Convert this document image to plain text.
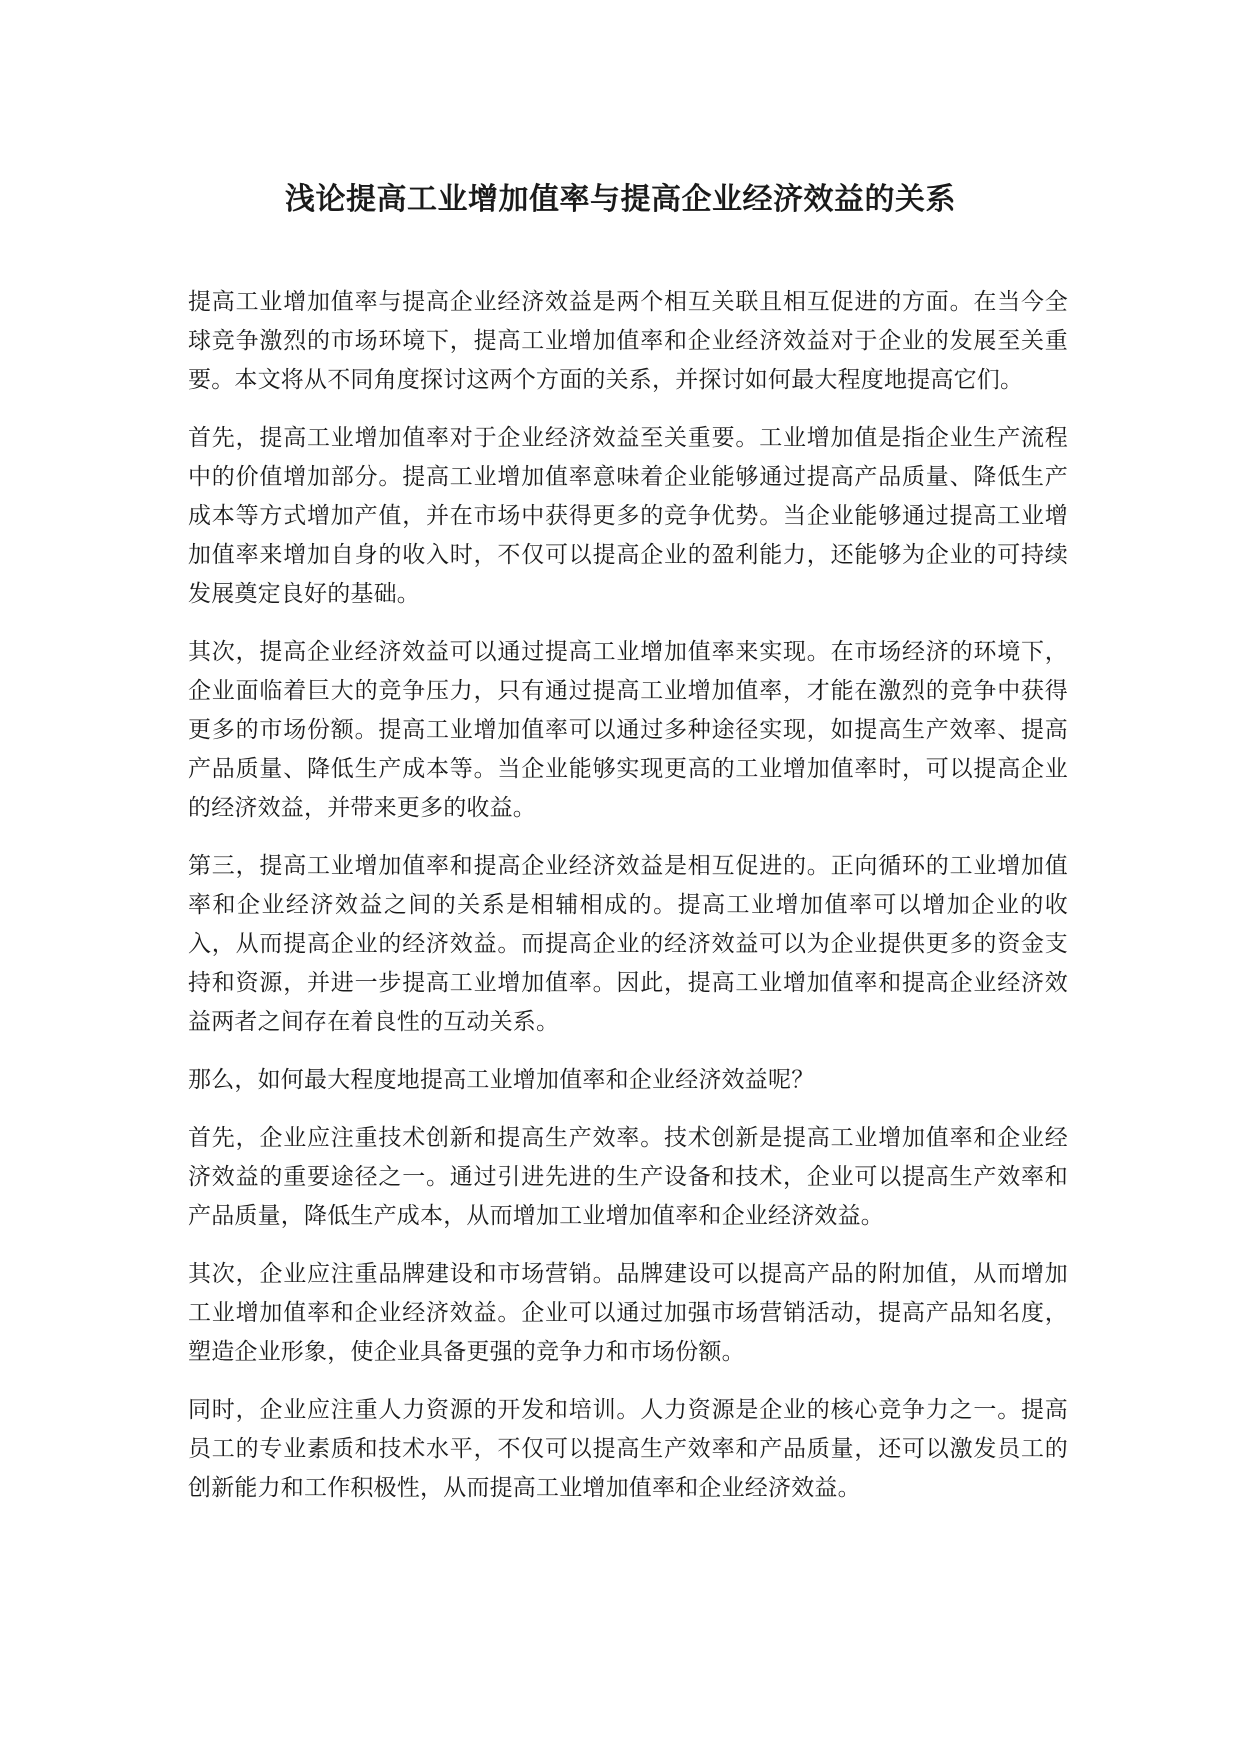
浅论提高工业增加值率与提高企业经济效益的关系

提高工业增加值率与提高企业经济效益是两个相互关联且相互促进的方面。在当今全球竞争激烈的市场环境下，提高工业增加值率和企业经济效益对于企业的发展至关重要。本文将从不同角度探讨这两个方面的关系，并探讨如何最大程度地提高它们。

首先，提高工业增加值率对于企业经济效益至关重要。工业增加值是指企业生产流程中的价值增加部分。提高工业增加值率意味着企业能够通过提高产品质量、降低生产成本等方式增加产值，并在市场中获得更多的竞争优势。当企业能够通过提高工业增加值率来增加自身的收入时，不仅可以提高企业的盈利能力，还能够为企业的可持续发展奠定良好的基础。

其次，提高企业经济效益可以通过提高工业增加值率来实现。在市场经济的环境下，企业面临着巨大的竞争压力，只有通过提高工业增加值率，才能在激烈的竞争中获得更多的市场份额。提高工业增加值率可以通过多种途径实现，如提高生产效率、提高产品质量、降低生产成本等。当企业能够实现更高的工业增加值率时，可以提高企业的经济效益，并带来更多的收益。

第三，提高工业增加值率和提高企业经济效益是相互促进的。正向循环的工业增加值率和企业经济效益之间的关系是相辅相成的。提高工业增加值率可以增加企业的收入，从而提高企业的经济效益。而提高企业的经济效益可以为企业提供更多的资金支持和资源，并进一步提高工业增加值率。因此，提高工业增加值率和提高企业经济效益两者之间存在着良性的互动关系。

那么，如何最大程度地提高工业增加值率和企业经济效益呢？

首先，企业应注重技术创新和提高生产效率。技术创新是提高工业增加值率和企业经济效益的重要途径之一。通过引进先进的生产设备和技术，企业可以提高生产效率和产品质量，降低生产成本，从而增加工业增加值率和企业经济效益。

其次，企业应注重品牌建设和市场营销。品牌建设可以提高产品的附加值，从而增加工业增加值率和企业经济效益。企业可以通过加强市场营销活动，提高产品知名度，塑造企业形象，使企业具备更强的竞争力和市场份额。

同时，企业应注重人力资源的开发和培训。人力资源是企业的核心竞争力之一。提高员工的专业素质和技术水平，不仅可以提高生产效率和产品质量，还可以激发员工的创新能力和工作积极性，从而提高工业增加值率和企业经济效益。
